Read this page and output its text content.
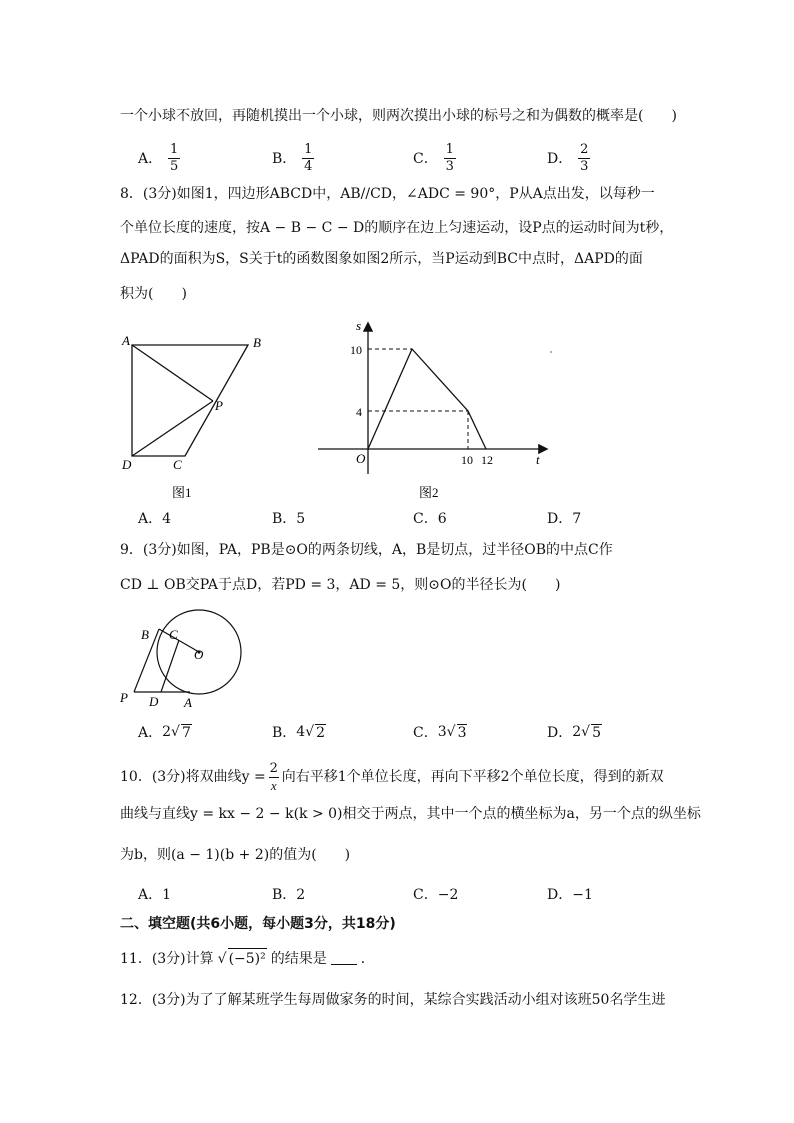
一个小球不放回，再随机摸出一个小球，则两次摸出小球的标号之和为偶数的概率是(　　)
A． $\frac{1}{5}$	B． $\frac{1}{4}$	C． $\frac{1}{3}$	D． $\frac{2}{3}$
8．(3分)如图1，四边形ABCD中，AB//CD，∠ADC = 90°，P从A点出发，以每秒一
个单位长度的速度，按A − B − C − D的顺序在边上匀速运动，设P点的运动时间为t秒，
ΔPAD的面积为S，S关于t的函数图象如图2所示，当P运动到BC中点时，ΔAPD的面
积为(　　)
A	B
P
D	C
图1
s
t
O
10
4
10 12
图2
A．4	B．5	C．6	D．7
9．(3分)如图，PA，PB是⊙O的两条切线，A，B是切点，过半径OB的中点C作
CD ⊥ OB交PA于点D，若PD = 3，AD = 5，则⊙O的半径长为(　　)
B C
O
P D A
A． 2 √ 7	B． 4 √ 2	C． 3 √ 3	D． 2 √ 5
10．(3分)将双曲线$y = \frac{2}{x}$ 向右平移1个单位长度，再向下平移2个单位长度，得到的新双
曲线与直线y = kx − 2 − k(k > 0)相交于两点，其中一个点的横坐标为a，另一个点的纵坐标
为b，则(a − 1)(b + 2)的值为(　　)
A．1	B．2	C．−2	D．−1
二、填空题(共6小题，每小题3分，共18分)
11．(3分)计算 √ (−5)² 的结果是 ．
12．(3分)为了了解某班学生每周做家务的时间，某综合实践活动小组对该班50名学生进
